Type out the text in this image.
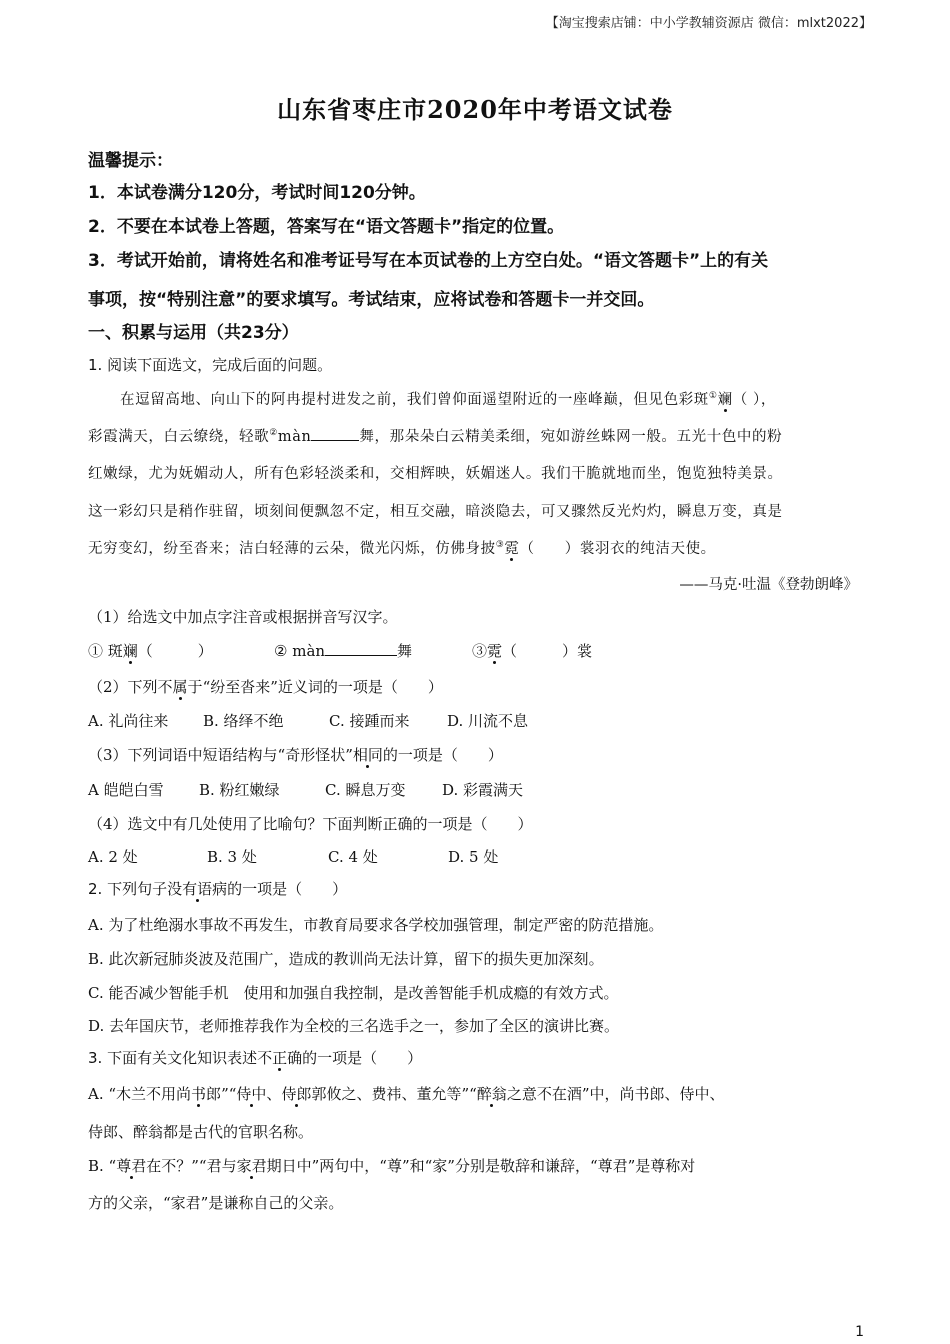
【淘宝搜索店铺：中小学教辅资源店 微信：mlxt2022】
山东省枣庄市2020年中考语文试卷
温馨提示：
1．本试卷满分120分，考试时间120分钟。
2．不要在本试卷上答题，答案写在“语文答题卡”指定的位置。
3．考试开始前，请将姓名和准考证号写在本页试卷的上方空白处。“语文答题卡”上的有关
事项，按“特别注意”的要求填写。考试结束，应将试卷和答题卡一并交回。
一、积累与运用（共23分）
1. 阅读下面选文，完成后面的问题。
在逗留高地、向山下的阿冉提村进发之前，我们曾仰面遥望附近的一座峰巅，但见色彩斑①斓（ ），
彩霞满天，白云缭绕，轻歌②màn	舞，那朵朵白云精美柔细，宛如游丝蛛网一般。五光十色中的粉
红嫩绿，尤为妩媚动人，所有色彩轻淡柔和，交相辉映，妖媚迷人。我们干脆就地而坐，饱览独特美景。
这一彩幻只是稍作驻留，顷刻间便飘忽不定，相互交融，暗淡隐去，可又骤然反光灼灼，瞬息万变，真是
无穷变幻，纷至沓来；洁白轻薄的云朵，微光闪烁，仿佛身披③霓（　　）裳羽衣的纯洁天使。
——马克·吐温《登勃朗峰》
（1）给选文中加点字注音或根据拼音写汉字。
① 斑斓（　　　）	② màn	舞	③霓（　　　）裳
（2）下列不属于“纷至沓来”近义词的一项是（　　）
A. 礼尚往来 B. 络绎不绝	C. 接踵而来	D. 川流不息
（3）下列词语中短语结构与“奇形怪状”相同的一项是（　　）
A 皑皑白雪 B. 粉红嫩绿	C. 瞬息万变 D. 彩霞满天
（4）选文中有几处使用了比喻句？下面判断正确的一项是（　　）
A. 2 处	B. 3 处	C. 4 处	D. 5 处
2. 下列句子没有语病的一项是（　　）
A. 为了杜绝溺水事故不再发生，市教育局要求各学校加强管理，制定严密的防范措施。
B. 此次新冠肺炎波及范围广，造成的教训尚无法计算，留下的损失更加深刻。
C. 能否减少智能手机　使用和加强自我控制，是改善智能手机成瘾的有效方式。
D. 去年国庆节，老师推荐我作为全校的三名选手之一，参加了全区的演讲比赛。
3. 下面有关文化知识表述不正确的一项是（　　）
A. “木兰不用尚书郎”“侍中、侍郎郭攸之、费祎、董允等”“醉翁之意不在酒”中，尚书郎、侍中、
侍郎、醉翁都是古代的官职名称。
B. “尊君在不？”“君与家君期日中”两句中，“尊”和“家”分别是敬辞和谦辞，“尊君”是尊称对
方的父亲，“家君”是谦称自己的父亲。
1
